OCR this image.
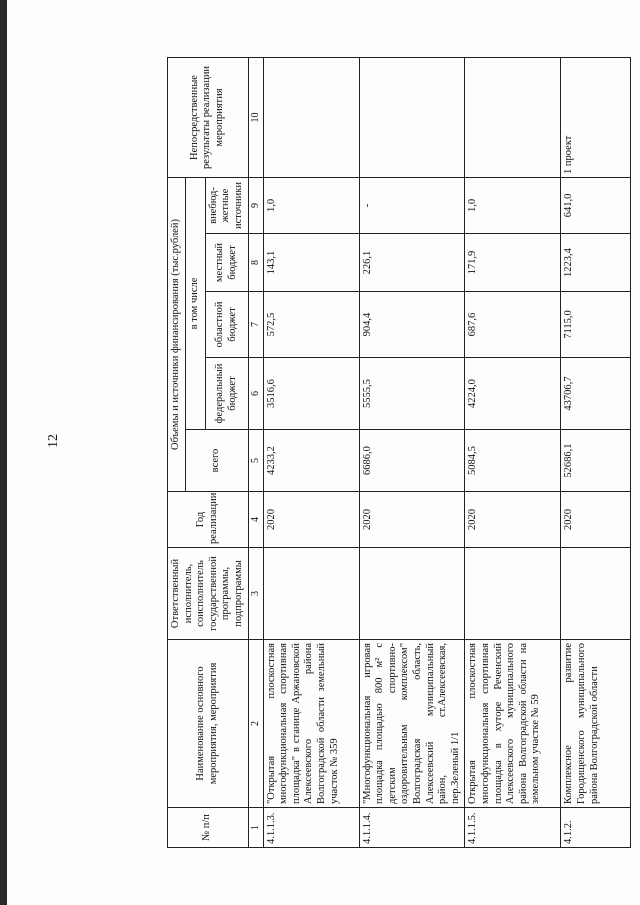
12
№ п/п	Наименование основного мероприятия, мероприятия	Ответственный исполнитель, соисполнитель государственной программы, подпрограммы	Год реализации	Объемы и источники финансирования (тыс.рублей)					Непосредственные результаты реализации мероприятия
				всего	в том числе				
					федеральный бюджет	областной бюджет	местный бюджет	внебюд-жетные источники	
1	2	3	4	5	6	7	8	9	10
4.1.1.3.	"Открытая плоскостная многофункциональная спортивная площадка" в станице Аржановской Алексеевского района Волгоградской области земельный участок № 359		2020	4233,2	3516,6	572,5	143,1	1,0	
4.1.1.4.	"Многофункциональная игровая площадка площадью 800 м² с детским спортивно-оздоровительным комплексом" Волгоградская область, Алексеевский муниципальный район, ст.Алексеевская, пер.Зеленый 1/1		2020	6686,0	5555,5	904,4	226,1	-	
4.1.1.5.	Открытая плоскостная многофункциональная спортивная площадка в хуторе Реченский Алексеевского муниципального района Волгоградской области на земельном участке № 59		2020	5084,5	4224,0	687,6	171,9	1,0	
4.1.2.	Комплексное развитие Городищенского муниципального района Волгоградской области		2020	52686,1	43706,7	7115,0	1223,4	641,0	1 проект
